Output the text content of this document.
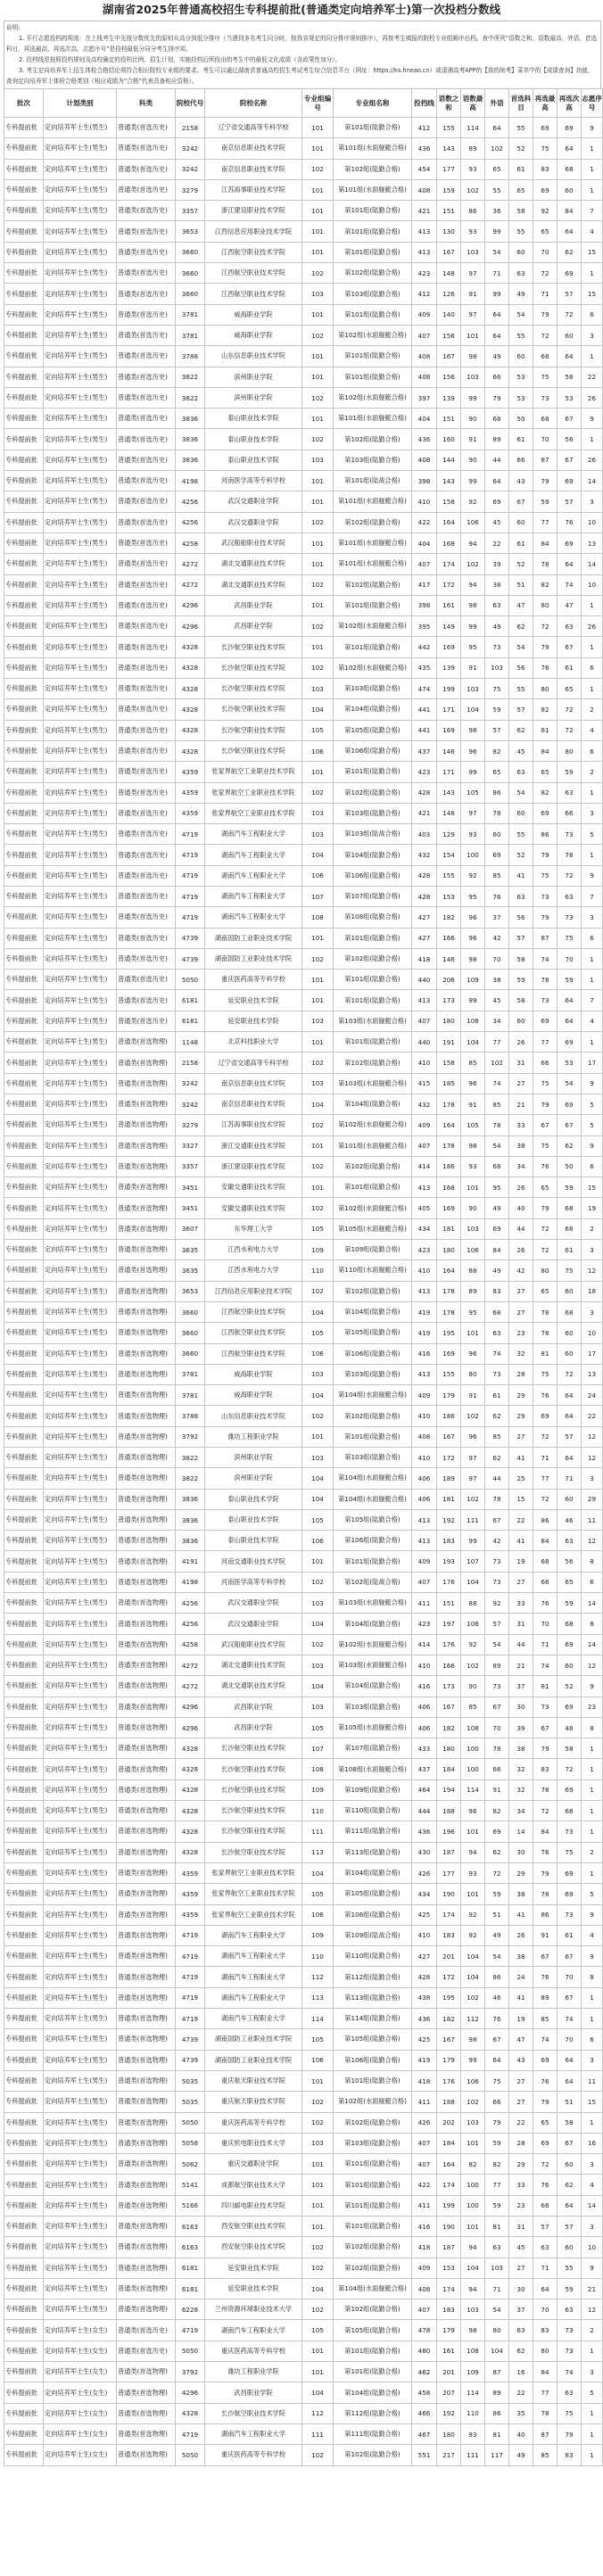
湖南省2025年普通高校招生专科提前批(普通类定向培养军士)第一次投档分数线

说明:

1. 平行志愿投档的规则：在上线考生中先按分数优先的原则从高分到低分排序（当遇到多名考生同分时，按我省规定的同分排序规则排序），再按考生填报的院校专业组顺序出档。表中所列“语数之和、语数最高、外语、首选科目、再选最高、再选次高、志愿序号”是投档最低分同分考生排序项。

2. 投档线是按照投档规则及高校确定的投档比例、招生计划，实施投档后所投出的考生中的最低文化成绩（含政策性加分）。

3. 考生定向培养军士招生体检合格结论须符合相应院校专业组的要求。考生可以通过湖南省普通高校招生考试考生综合信息平台（网址：https://ks.hneao.cn）或潇湘高考APP的【我的统考】菜单中的【成绩查询】功能，查询定向培养军士体检合格类别（相应成绩为“合格”代表具备相应资格）。

批次	计划类别	科类	院校代号	院校名称	专业组编号	专业组名称	投档线	语数之和	语数最高	外语	首选科目	再选最高	再选次高	志愿序号
专科提前批	定向培养军士生(男生)	普通类(首选历史)	2158	辽宁省交通高等专科学校	101	第101组(陆勤合格)	412	155	114	64	55	69	69	9
专科提前批	定向培养军士生(男生)	普通类(首选历史)	3242	南京信息职业技术学院	101	第101组(水面舰艇合格)	436	143	89	102	52	75	64	1
专科提前批	定向培养军士生(男生)	普通类(首选历史)	3242	南京信息职业技术学院	102	第102组(陆勤合格)	454	177	93	65	61	83	68	1
专科提前批	定向培养军士生(男生)	普通类(首选历史)	3279	江苏海事职业技术学院	101	第101组(水面舰艇合格)	408	159	102	55	65	69	60	1
专科提前批	定向培养军士生(男生)	普通类(首选历史)	3357	浙江建设职业技术学院	101	第101组(陆勤合格)	421	151	86	36	58	92	84	7
专科提前批	定向培养军士生(男生)	普通类(首选历史)	3653	江西信息应用职业技术学院	101	第101组(陆勤合格)	413	130	93	99	55	65	64	4
专科提前批	定向培养军士生(男生)	普通类(首选历史)	3660	江西航空职业技术学院	101	第101组(陆勤合格)	413	167	103	54	60	70	62	15
专科提前批	定向培养军士生(男生)	普通类(首选历史)	3660	江西航空职业技术学院	102	第102组(陆勤合格)	423	148	97	71	63	72	69	1
专科提前批	定向培养军士生(男生)	普通类(首选历史)	3660	江西航空职业技术学院	103	第103组(陆勤合格)	412	126	91	99	49	71	57	15
专科提前批	定向培养军士生(男生)	普通类(首选历史)	3781	威海职业学院	101	第101组(陆勤合格)	409	140	97	64	54	79	72	6
专科提前批	定向培养军士生(男生)	普通类(首选历史)	3781	威海职业学院	102	第102组(水面舰艇合格)	407	156	101	64	55	72	60	3
专科提前批	定向培养军士生(男生)	普通类(首选历史)	3788	山东信息职业技术学院	101	第101组(陆勤合格)	408	167	98	49	60	68	64	1
专科提前批	定向培养军士生(男生)	普通类(首选历史)	3822	滨州职业学院	101	第101组(陆勤合格)	408	156	103	66	53	75	58	22
专科提前批	定向培养军士生(男生)	普通类(首选历史)	3822	滨州职业学院	102	第102组(水面舰艇合格)	397	139	99	79	53	73	53	26
专科提前批	定向培养军士生(男生)	普通类(首选历史)	3836	泰山职业技术学院	101	第101组(水面舰艇合格)	404	151	90	68	50	68	67	9
专科提前批	定向培养军士生(男生)	普通类(首选历史)	3836	泰山职业技术学院	102	第102组(陆勤合格)	436	160	91	89	61	70	56	1
专科提前批	定向培养军士生(男生)	普通类(首选历史)	3836	泰山职业技术学院	103	第103组(陆勤合格)	408	144	90	44	66	87	67	26
专科提前批	定向培养军士生(男生)	普通类(首选历史)	4198	河南医学高等专科学校	101	第101组(陆战合格)	398	143	99	64	43	79	69	14
专科提前批	定向培养军士生(男生)	普通类(首选历史)	4256	武汉交通职业学院	101	第101组(水面舰艇合格)	410	158	92	69	67	59	57	3
专科提前批	定向培养军士生(男生)	普通类(首选历史)	4256	武汉交通职业学院	102	第102组(陆勤合格)	422	164	106	45	60	77	76	10
专科提前批	定向培养军士生(男生)	普通类(首选历史)	4258	武汉船舶职业技术学院	101	第101组(水面舰艇合格)	404	168	94	22	61	84	69	13
专科提前批	定向培养军士生(男生)	普通类(首选历史)	4272	湖北交通职业技术学院	101	第101组(水面舰艇合格)	407	174	102	39	52	78	64	14
专科提前批	定向培养军士生(男生)	普通类(首选历史)	4272	湖北交通职业技术学院	102	第102组(陆勤合格)	417	172	94	38	51	82	74	10
专科提前批	定向培养军士生(男生)	普通类(首选历史)	4296	武昌职业学院	101	第101组(陆勤合格)	398	161	98	63	47	80	47	1
专科提前批	定向培养军士生(男生)	普通类(首选历史)	4296	武昌职业学院	102	第102组(水面舰艇合格)	395	149	99	49	62	72	63	26
专科提前批	定向培养军士生(男生)	普通类(首选历史)	4328	长沙航空职业技术学院	101	第101组(陆勤合格)	442	169	95	73	54	79	67	1
专科提前批	定向培养军士生(男生)	普通类(首选历史)	4328	长沙航空职业技术学院	102	第102组(水面舰艇合格)	435	139	91	103	56	76	61	6
专科提前批	定向培养军士生(男生)	普通类(首选历史)	4328	长沙航空职业技术学院	103	第103组(陆勤合格)	474	199	103	75	55	80	65	1
专科提前批	定向培养军士生(男生)	普通类(首选历史)	4328	长沙航空职业技术学院	104	第104组(陆勤合格)	441	171	104	59	57	82	72	2
专科提前批	定向培养军士生(男生)	普通类(首选历史)	4328	长沙航空职业技术学院	105	第105组(陆勤合格)	441	169	98	57	62	81	72	4
专科提前批	定向培养军士生(男生)	普通类(首选历史)	4328	长沙航空职业技术学院	106	第106组(陆勤合格)	437	146	96	82	45	84	80	6
专科提前批	定向培养军士生(男生)	普通类(首选历史)	4359	张家界航空工业职业技术学院	101	第101组(陆勤合格)	423	171	99	65	63	65	59	2
专科提前批	定向培养军士生(男生)	普通类(首选历史)	4359	张家界航空工业职业技术学院	102	第102组(陆勤合格)	428	143	105	86	54	82	63	1
专科提前批	定向培养军士生(男生)	普通类(首选历史)	4359	张家界航空工业职业技术学院	103	第103组(陆勤合格)	421	148	97	78	60	69	66	3
专科提前批	定向培养军士生(男生)	普通类(首选历史)	4719	湖南汽车工程职业大学	103	第103组(陆战合格)	403	129	93	60	55	86	73	5
专科提前批	定向培养军士生(男生)	普通类(首选历史)	4719	湖南汽车工程职业大学	104	第104组(陆勤合格)	432	154	100	69	52	79	78	1
专科提前批	定向培养军士生(男生)	普通类(首选历史)	4719	湖南汽车工程职业大学	106	第106组(陆勤合格)	428	155	92	85	41	75	72	9
专科提前批	定向培养军士生(男生)	普通类(首选历史)	4719	湖南汽车工程职业大学	107	第107组(陆勤合格)	428	153	95	76	63	73	63	7
专科提前批	定向培养军士生(男生)	普通类(首选历史)	4719	湖南汽车工程职业大学	108	第108组(陆勤合格)	427	182	96	37	56	79	73	3
专科提前批	定向培养军士生(男生)	普通类(首选历史)	4739	湖南国防工业职业技术学院	101	第101组(陆勤合格)	427	166	96	42	57	87	75	6
专科提前批	定向培养军士生(男生)	普通类(首选历史)	4739	湖南国防工业职业技术学院	102	第102组(陆勤合格)	418	146	98	70	58	74	70	1
专科提前批	定向培养军士生(男生)	普通类(首选历史)	5050	重庆医药高等专科学校	101	第101组(陆勤合格)	440	206	109	38	59	78	59	1
专科提前批	定向培养军士生(男生)	普通类(首选历史)	6181	延安职业技术学院	101	第101组(陆勤合格)	413	173	99	45	58	73	64	7
专科提前批	定向培养军士生(男生)	普通类(首选历史)	6181	延安职业技术学院	103	第103组(水面舰艇合格)	407	180	108	34	60	69	64	4
专科提前批	定向培养军士生(男生)	普通类(首选物理)	1148	北京科技职业大学	101	第101组(陆勤合格)	440	191	104	77	26	77	69	1
专科提前批	定向培养军士生(男生)	普通类(首选物理)	2158	辽宁省交通高等专科学校	102	第102组(陆勤合格)	410	158	85	102	31	66	53	17
专科提前批	定向培养军士生(男生)	普通类(首选物理)	3242	南京信息职业技术学院	103	第103组(水面舰艇合格)	415	185	96	74	27	75	54	9
专科提前批	定向培养军士生(男生)	普通类(首选物理)	3242	南京信息职业技术学院	104	第104组(陆勤合格)	432	178	91	85	21	79	69	5
专科提前批	定向培养军士生(男生)	普通类(首选物理)	3279	江苏海事职业技术学院	102	第102组(水面舰艇合格)	409	164	105	78	33	67	67	5
专科提前批	定向培养军士生(男生)	普通类(首选物理)	3327	浙江交通职业技术学院	101	第101组(水面舰艇合格)	407	178	98	54	38	75	62	9
专科提前批	定向培养军士生(男生)	普通类(首选物理)	3357	浙江建设职业技术学院	102	第102组(陆勤合格)	414	186	93	68	34	76	50	6
专科提前批	定向培养军士生(男生)	普通类(首选物理)	3451	安徽交通职业技术学院	101	第101组(陆勤合格)	413	168	101	95	26	65	59	15
专科提前批	定向培养军士生(男生)	普通类(首选物理)	3451	安徽交通职业技术学院	102	第102组(水面舰艇合格)	405	169	90	49	40	79	68	19
专科提前批	定向培养军士生(男生)	普通类(首选物理)	3607	东华理工大学	105	第105组(水面舰艇合格)	434	181	103	69	44	72	68	2
专科提前批	定向培养军士生(男生)	普通类(首选物理)	3635	江西水利电力大学	109	第109组(陆勤合格)	423	180	106	84	26	72	61	3
专科提前批	定向培养军士生(男生)	普通类(首选物理)	3635	江西水利电力大学	110	第110组(水面舰艇合格)	410	164	88	49	42	80	75	12
专科提前批	定向培养军士生(男生)	普通类(首选物理)	3653	江西信息应用职业技术学院	102	第102组(陆勤合格)	413	178	89	83	27	65	60	18
专科提前批	定向培养军士生(男生)	普通类(首选物理)	3660	江西航空职业技术学院	104	第104组(陆勤合格)	419	178	95	68	27	78	68	3
专科提前批	定向培养军士生(男生)	普通类(首选物理)	3660	江西航空职业技术学院	105	第105组(陆勤合格)	419	195	101	63	23	78	60	10
专科提前批	定向培养军士生(男生)	普通类(首选物理)	3660	江西航空职业技术学院	106	第106组(陆勤合格)	416	169	96	74	32	81	60	17
专科提前批	定向培养军士生(男生)	普通类(首选物理)	3781	威海职业学院	103	第103组(陆勤合格)	413	155	80	73	28	75	72	13
专科提前批	定向培养军士生(男生)	普通类(首选物理)	3781	威海职业学院	104	第104组(水面舰艇合格)	409	179	91	61	29	76	64	24
专科提前批	定向培养军士生(男生)	普通类(首选物理)	3788	山东信息职业技术学院	102	第102组(陆勤合格)	410	186	102	62	29	69	64	22
专科提前批	定向培养军士生(男生)	普通类(首选物理)	3792	潍坊工程职业学院	101	第101组(陆勤合格)	408	167	96	85	27	72	57	12
专科提前批	定向培养军士生(男生)	普通类(首选物理)	3822	滨州职业学院	103	第103组(陆勤合格)	410	172	97	62	41	71	64	12
专科提前批	定向培养军士生(男生)	普通类(首选物理)	3822	滨州职业学院	104	第104组(水面舰艇合格)	406	189	97	44	25	77	71	3
专科提前批	定向培养军士生(男生)	普通类(首选物理)	3836	泰山职业技术学院	104	第104组(水面舰艇合格)	406	181	102	78	15	72	60	29
专科提前批	定向培养军士生(男生)	普通类(首选物理)	3836	泰山职业技术学院	105	第105组(陆勤合格)	413	192	111	67	22	86	46	11
专科提前批	定向培养军士生(男生)	普通类(首选物理)	3836	泰山职业技术学院	106	第106组(陆勤合格)	413	183	99	42	41	84	63	12
专科提前批	定向培养军士生(男生)	普通类(首选物理)	4191	河南交通职业技术学院	101	第101组(陆勤合格)	409	193	107	73	19	68	56	8
专科提前批	定向培养军士生(男生)	普通类(首选物理)	4198	河南医学高等专科学校	102	第102组(陆战合格)	407	176	104	73	27	66	65	6
专科提前批	定向培养军士生(男生)	普通类(首选物理)	4256	武汉交通职业学院	103	第103组(水面舰艇合格)	411	151	88	92	33	76	59	14
专科提前批	定向培养军士生(男生)	普通类(首选物理)	4256	武汉交通职业学院	104	第104组(陆勤合格)	423	197	108	57	31	70	68	8
专科提前批	定向培养军士生(男生)	普通类(首选物理)	4258	武汉船舶职业技术学院	102	第102组(水面舰艇合格)	414	176	92	54	44	71	69	14
专科提前批	定向培养军士生(男生)	普通类(首选物理)	4272	湖北交通职业技术学院	103	第103组(水面舰艇合格)	410	166	102	89	21	74	60	12
专科提前批	定向培养军士生(男生)	普通类(首选物理)	4272	湖北交通职业技术学院	104	第104组(陆勤合格)	416	173	90	73	37	81	52	9
专科提前批	定向培养军士生(男生)	普通类(首选物理)	4296	武昌职业学院	103	第103组(陆勤合格)	406	167	85	67	30	73	69	23
专科提前批	定向培养军士生(男生)	普通类(首选物理)	4296	武昌职业学院	105	第105组(水面舰艇合格)	406	182	108	70	39	67	48	8
专科提前批	定向培养军士生(男生)	普通类(首选物理)	4328	长沙航空职业技术学院	107	第107组(陆勤合格)	433	180	100	78	38	79	58	1
专科提前批	定向培养军士生(男生)	普通类(首选物理)	4328	长沙航空职业技术学院	108	第108组(水面舰艇合格)	437	184	100	66	32	83	72	1
专科提前批	定向培养军士生(男生)	普通类(首选物理)	4328	长沙航空职业技术学院	109	第109组(陆勤合格)	464	194	114	91	32	78	69	1
专科提前批	定向培养军士生(男生)	普通类(首选物理)	4328	长沙航空职业技术学院	110	第110组(陆勤合格)	444	188	96	82	34	72	68	1
专科提前批	定向培养军士生(男生)	普通类(首选物理)	4328	长沙航空职业技术学院	111	第111组(陆勤合格)	436	196	101	69	14	84	73	1
专科提前批	定向培养军士生(男生)	普通类(首选物理)	4328	长沙航空职业技术学院	113	第113组(陆勤合格)	430	187	94	62	30	76	75	2
专科提前批	定向培养军士生(男生)	普通类(首选物理)	4359	张家界航空工业职业技术学院	104	第104组(陆勤合格)	426	177	93	72	29	79	69	1
专科提前批	定向培养军士生(男生)	普通类(首选物理)	4359	张家界航空工业职业技术学院	105	第105组(陆勤合格)	434	190	101	59	38	78	69	5
专科提前批	定向培养军士生(男生)	普通类(首选物理)	4359	张家界航空工业职业技术学院	106	第106组(陆勤合格)	425	174	92	51	41	86	73	9
专科提前批	定向培养军士生(男生)	普通类(首选物理)	4719	湖南汽车工程职业大学	109	第109组(陆战合格)	410	183	92	49	26	91	61	4
专科提前批	定向培养军士生(男生)	普通类(首选物理)	4719	湖南汽车工程职业大学	110	第110组(陆勤合格)	427	201	104	54	38	67	67	9
专科提前批	定向培养军士生(男生)	普通类(首选物理)	4719	湖南汽车工程职业大学	112	第112组(陆勤合格)	428	172	104	86	24	76	70	8
专科提前批	定向培养军士生(男生)	普通类(首选物理)	4719	湖南汽车工程职业大学	113	第113组(陆勤合格)	438	195	102	46	41	89	67	1
专科提前批	定向培养军士生(男生)	普通类(首选物理)	4719	湖南汽车工程职业大学	114	第114组(陆勤合格)	436	182	112	76	19	85	74	1
专科提前批	定向培养军士生(男生)	普通类(首选物理)	4739	湖南国防工业职业技术学院	105	第105组(陆勤合格)	425	167	98	67	47	74	70	6
专科提前批	定向培养军士生(男生)	普通类(首选物理)	4739	湖南国防工业职业技术学院	106	第106组(陆勤合格)	419	179	99	64	43	69	64	3
专科提前批	定向培养军士生(男生)	普通类(首选物理)	5035	重庆航天职业技术学院	101	第101组(陆勤合格)	418	176	106	75	27	76	64	11
专科提前批	定向培养军士生(男生)	普通类(首选物理)	5035	重庆航天职业技术学院	102	第102组(水面舰艇合格)	411	188	102	66	27	79	51	15
专科提前批	定向培养军士生(男生)	普通类(首选物理)	5050	重庆医药高等专科学校	102	第102组(陆勤合格)	426	202	103	79	22	65	58	1
专科提前批	定向培养军士生(男生)	普通类(首选物理)	5058	重庆机电职业技术大学	103	第103组(陆勤合格)	407	184	101	59	28	69	67	16
专科提前批	定向培养军士生(男生)	普通类(首选物理)	5062	重庆交通职业学院	101	第101组(陆勤合格)	407	164	82	82	29	72	60	3
专科提前批	定向培养军士生(男生)	普通类(首选物理)	5141	成都航空职业技术大学	101	第101组(陆勤合格)	422	174	100	77	33	76	62	4
专科提前批	定向培养军士生(男生)	普通类(首选物理)	5166	四川邮电职业技术学院	101	第101组(陆勤合格)	411	199	100	59	23	66	64	14
专科提前批	定向培养军士生(男生)	普通类(首选物理)	6163	西安航空职业技术学院	101	第101组(陆勤合格)	416	190	101	81	31	57	57	3
专科提前批	定向培养军士生(男生)	普通类(首选物理)	6163	西安航空职业技术学院	102	第102组(陆勤合格)	418	187	94	63	45	63	60	10
专科提前批	定向培养军士生(男生)	普通类(首选物理)	6181	延安职业技术学院	102	第102组(陆勤合格)	409	153	104	103	27	71	55	9
专科提前批	定向培养军士生(男生)	普通类(首选物理)	6181	延安职业技术学院	104	第104组(水面舰艇合格)	408	174	94	71	30	64	59	21
专科提前批	定向培养军士生(男生)	普通类(首选物理)	6228	兰州资源环境职业技术大学	102	第102组(陆勤合格)	407	183	103	54	37	70	63	12
专科提前批	定向培养军士生(女生)	普通类(首选历史)	4719	湖南汽车工程职业大学	105	第105组(陆勤合格)	478	179	98	80	63	83	73	2
专科提前批	定向培养军士生(女生)	普通类(首选历史)	5050	重庆医药高等专科学校	101	第101组(陆勤合格)	480	161	108	104	62	80	73	1
专科提前批	定向培养军士生(女生)	普通类(首选物理)	3792	潍坊工程职业学院	101	第101组(陆勤合格)	462	201	109	87	16	84	74	3
专科提前批	定向培养军士生(女生)	普通类(首选物理)	4296	武昌职业学院	104	第104组(陆勤合格)	458	207	114	89	22	77	63	5
专科提前批	定向培养军士生(女生)	普通类(首选物理)	4328	长沙航空职业技术学院	112	第112组(陆勤合格)	466	192	110	86	35	78	75	1
专科提前批	定向培养军士生(女生)	普通类(首选物理)	4719	湖南汽车工程职业大学	111	第111组(陆勤合格)	467	180	93	81	40	87	79	1
专科提前批	定向培养军士生(女生)	普通类(首选物理)	5050	重庆医药高等专科学校	102	第102组(陆勤合格)	551	217	111	117	49	85	83	1
